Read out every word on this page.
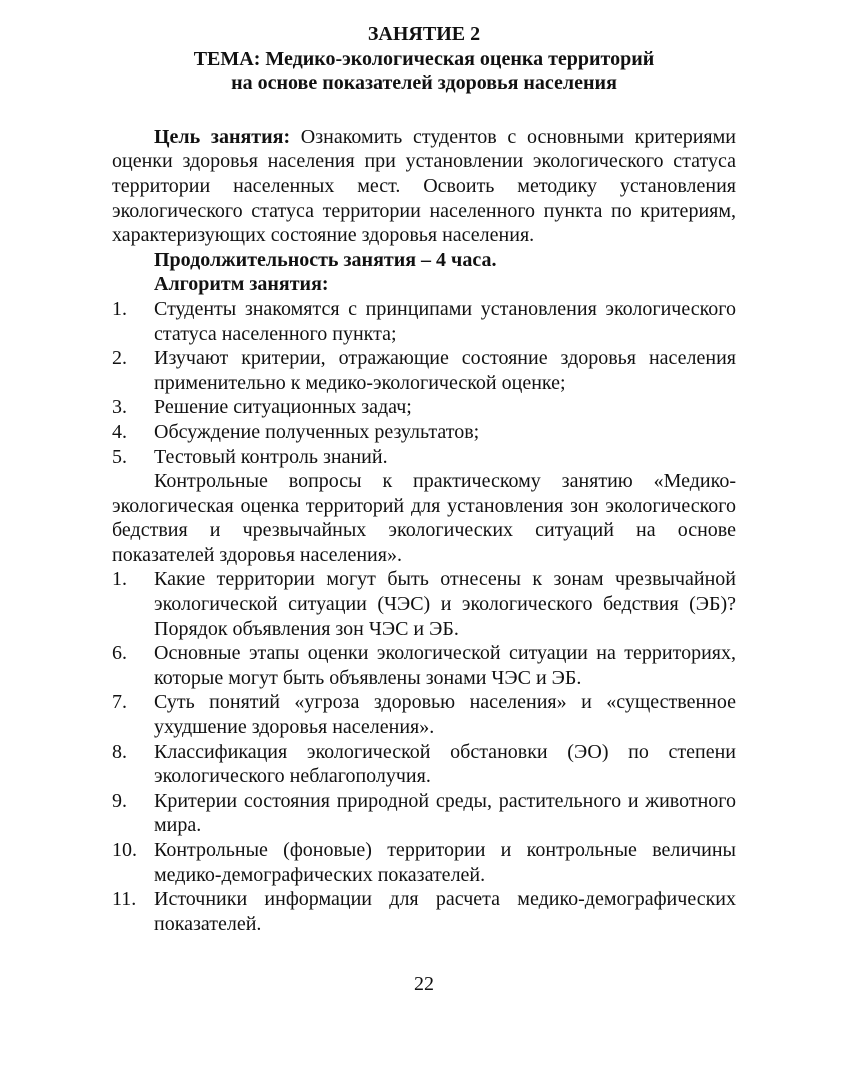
ЗАНЯТИЕ 2

ТЕМА: Медико-экологическая оценка территорий

на основе показателей здоровья населения

Цель занятия: Ознакомить студентов с основными критериями оценки здоровья населения при установлении экологического статуса территории населенных мест. Освоить методику установления экологического статуса территории населенного пункта по критериям, характеризующих состояние здоровья населения.

Продолжительность занятия – 4 часа.

Алгоритм занятия:

1.	Студенты знакомятся с принципами установления экологического статуса населенного пункта;
2.	Изучают критерии, отражающие состояние здоровья населения применительно к медико-экологической оценке;
3.	Решение ситуационных задач;
4.	Обсуждение полученных результатов;
5.	Тестовый контроль знаний.

Контрольные вопросы к практическому занятию «Медико-экологическая оценка территорий для установления зон экологического бедствия и чрезвычайных экологических ситуаций на основе показателей здоровья населения».

1.	Какие территории могут быть отнесены к зонам чрезвычайной экологической ситуации (ЧЭС) и экологического бедствия (ЭБ)? Порядок объявления зон ЧЭС и ЭБ.
6.	Основные этапы оценки экологической ситуации на территориях, которые могут быть объявлены зонами ЧЭС и ЭБ.
7.	Суть понятий «угроза здоровью населения» и «существенное ухудшение здоровья населения».
8.	Классификация экологической обстановки (ЭО) по степени экологического неблагополучия.
9.	Критерии состояния природной среды, растительного и животного мира.
10. Контрольные (фоновые) территории и контрольные величины медико-демографических показателей.
11. Источники информации для расчета медико-демографических показателей.
22
